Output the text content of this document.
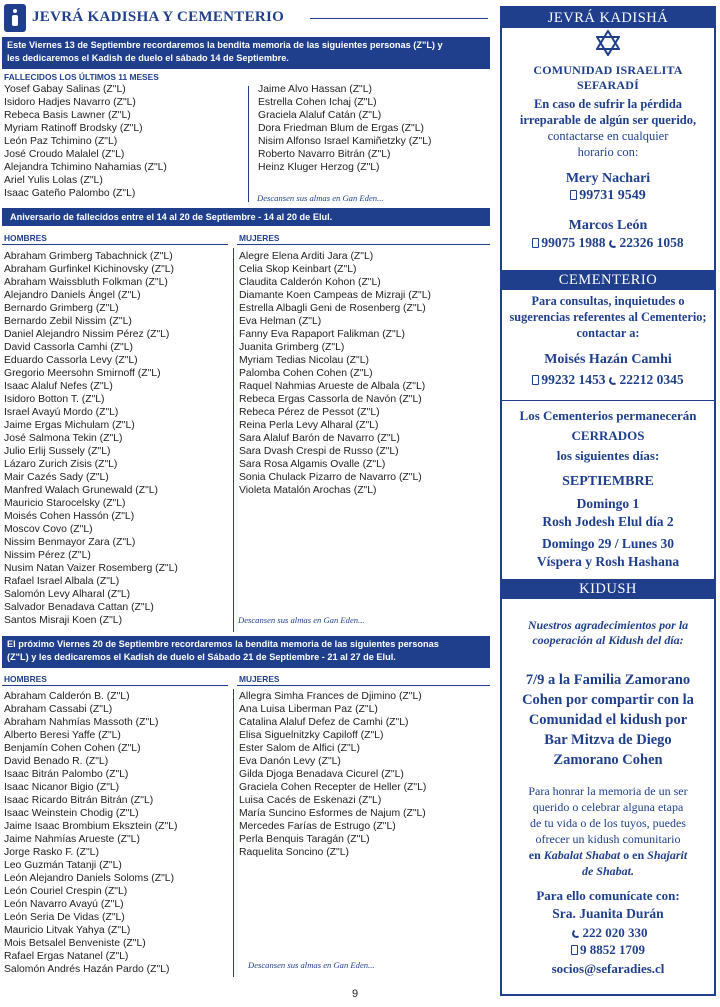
JEVRÁ KADISHA Y CEMENTERIO
Este Viernes 13 de Septiembre recordaremos la bendita memoria de las siguientes personas (Z"L) y
les dedicaremos el Kadish de duelo el sábado 14 de Septiembre.
FALLECIDOS LOS ÚLTIMOS 11 MESES
Yosef Gabay Salinas (Z"L)
Isidoro Hadjes Navarro (Z"L)
Rebeca Basis Lawner (Z"L)
Myriam Ratinoff Brodsky (Z"L)
León Paz Tchimino (Z"L)
José Croudo Malalel (Z"L)
Alejandra Tchimino Nahamias (Z"L)
Ariel Yulis Lolas (Z"L)
Isaac Gateño Palombo (Z"L)
Jaime Alvo Hassan (Z"L)
Estrella Cohen Ichaj (Z"L)
Graciela Alaluf Catán (Z"L)
Dora Friedman Blum de Ergas (Z"L)
Nisim Alfonso Israel Kamiñetzky (Z"L)
Roberto Navarro Bitrán (Z"L)
Heinz Kluger Herzog (Z"L)
Descansen sus almas en Gan Eden...
Aniversario de fallecidos entre el 14 al 20 de Septiembre - 14 al 20 de Elul.
HOMBRES	MUJERES
Abraham Grimberg Tabachnick (Z"L)
Abraham Gurfinkel Kichinovsky (Z"L)
Abraham Waissbluth Folkman (Z"L)
Alejandro Daniels Ángel (Z"L)
Bernardo Grimberg (Z"L)
Bernardo Zebil Nissim (Z"L)
Daniel Alejandro Nissim Pérez (Z"L)
David Cassorla Camhi (Z"L)
Eduardo Cassorla Levy (Z"L)
Gregorio Meersohn Smirnoff (Z"L)
Isaac Alaluf Nefes (Z"L)
Isidoro Botton T. (Z"L)
Israel Avayú Mordo (Z"L)
Jaime Ergas Michulam (Z"L)
José Salmona Tekin (Z"L)
Julio Erlij Sussely (Z"L)
Lázaro Zurich Zisis (Z"L)
Mair Cazés Sady (Z"L)
Manfred Walach Grunewald (Z"L)
Mauricio Starocelsky (Z"L)
Moisés Cohen Hassón (Z"L)
Moscov Covo (Z"L)
Nissim Benmayor Zara (Z"L)
Nissim Pérez (Z"L)
Nusim Natan Vaizer Rosemberg (Z"L)
Rafael Israel Albala (Z"L)
Salomón Levy Alharal (Z"L)
Salvador Benadava Cattan (Z"L)
Santos Misraji Koen (Z"L)
Alegre Elena Arditi Jara (Z"L)
Celia Skop Keinbart (Z"L)
Claudita Calderón Kohon (Z"L)
Diamante Koen Campeas de Mizraji (Z"L)
Estrella Albagli Geni de Rosenberg (Z"L)
Eva Helman (Z"L)
Fanny Eva Rapaport Falikman (Z"L)
Juanita Grimberg (Z"L)
Myriam Tedias Nicolau (Z"L)
Palomba Cohen Cohen (Z"L)
Raquel Nahmias Arueste de Albala (Z"L)
Rebeca Ergas Cassorla de Navón (Z"L)
Rebeca Pérez de Pessot (Z"L)
Reina Perla Levy Alharal (Z"L)
Sara Alaluf Barón de Navarro (Z"L)
Sara Dvash Crespi de Russo (Z"L)
Sara Rosa Algamis Ovalle (Z"L)
Sonia Chulack Pizarro de Navarro (Z"L)
Violeta Matalón Arochas (Z"L)
Descansen sus almas en Gan Eden...
El próximo Viernes 20 de Septiembre recordaremos la bendita memoria de las siguientes personas
(Z"L) y les dedicaremos el Kadish de duelo el Sábado 21 de Septiembre - 21 al 27 de Elul.
HOMBRES	MUJERES
Abraham Calderón B. (Z"L)
Abraham Cassabi (Z"L)
Abraham Nahmías Massoth (Z"L)
Alberto Beresi Yaffe (Z"L)
Benjamín Cohen Cohen (Z"L)
David Benado R. (Z"L)
Isaac Bitrán Palombo (Z"L)
Isaac Nicanor Bigio (Z"L)
Isaac Ricardo Bitrán Bitrán (Z"L)
Isaac Weinstein Chodig (Z"L)
Jaime Isaac Brombium Eksztein (Z"L)
Jaime Nahmías Arueste (Z"L)
Jorge Rasko F. (Z"L)
Leo Guzmán Tatanji (Z"L)
León Alejandro Daniels Soloms (Z"L)
León Couriel Crespin (Z"L)
León Navarro Avayú (Z"L)
León Seria De Vidas (Z"L)
Mauricio Litvak Yahya (Z"L)
Mois Betsalel Benveniste (Z"L)
Rafael Ergas Natanel (Z"L)
Salomón Andrés Hazán Pardo (Z"L)
Allegra Simha Frances de Djimino (Z"L)
Ana Luisa Liberman Paz (Z"L)
Catalina Alaluf Defez de Camhi (Z"L)
Elisa Siguelnitzky Capiloff (Z"L)
Ester Salom de Alfici (Z"L)
Eva Danón Levy (Z"L)
Gilda Djoga Benadava Cicurel (Z"L)
Graciela Cohen Recepter de Heller (Z"L)
Luisa Cacés de Eskenazi (Z"L)
María Suncino Esformes de Najum (Z"L)
Mercedes Farías de Estrugo (Z"L)
Perla Benquis Taragán (Z"L)
Raquelita Soncino (Z"L)
Descansen sus almas en Gan Eden...
JEVRÁ KADISHÁ
COMUNIDAD ISRAELITA SEFARADÍ
En caso de sufrir la pérdida
irreparable de algún ser querido,
contactarse en cualquier
horario con:
Mery Nachari
99731 9549
Marcos León
99075 1988 22326 1058
CEMENTERIO
Para consultas, inquietudes o
sugerencias referentes al Cementerio;
contactar a:
Moisés Hazán Camhi
99232 1453 22212 0345
Los Cementerios permanecerán
CERRADOS
los siguientes días:
SEPTIEMBRE
Domingo 1
Rosh Jodesh Elul día 2
Domingo 29 / Lunes 30
Víspera y Rosh Hashana
KIDUSH
Nuestros agradecimientos por la
cooperación al Kidush del día:
7/9 a la Familia Zamorano
Cohen por compartir con la
Comunidad el kidush por
Bar Mitzva de Diego
Zamorano Cohen
Para honrar la memoria de un ser
querido o celebrar alguna etapa
de tu vida o de los tuyos, puedes
ofrecer un kidush comunitario
en Kabalat Shabat o en Shajarit
de Shabat.
Para ello comunícate con:
Sra. Juanita Durán
222 020 330
9 8852 1709
socios@sefaradies.cl
9
